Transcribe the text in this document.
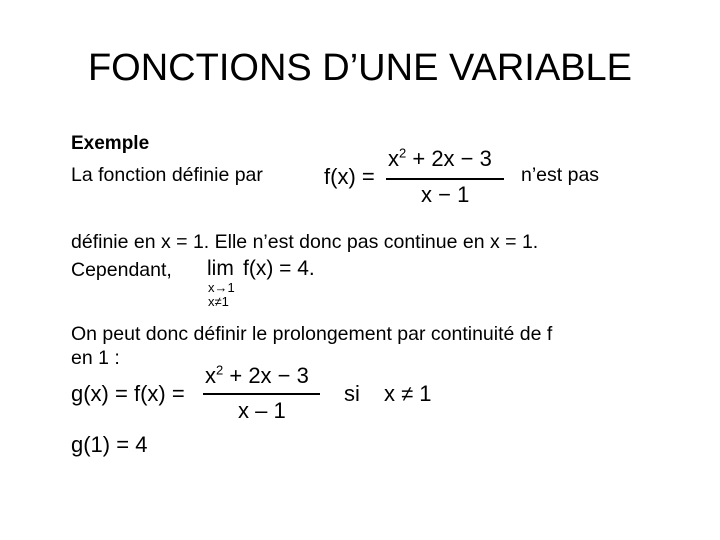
FONCTIONS D’UNE VARIABLE
Exemple
La fonction définie par	f(x) =
$x^2 + 2x - 3$
x − 1
n’est pas
définie en x = 1. Elle n’est donc pas continue en x = 1.
Cependant, lim f(x) = 4.
x→1
x≠1
On peut donc définir le prolongement par continuité de f
en 1 :
g(x) = f(x) =
$x^2 + 2x - 3$
x – 1
si x ≠ 1
g(1) = 4
